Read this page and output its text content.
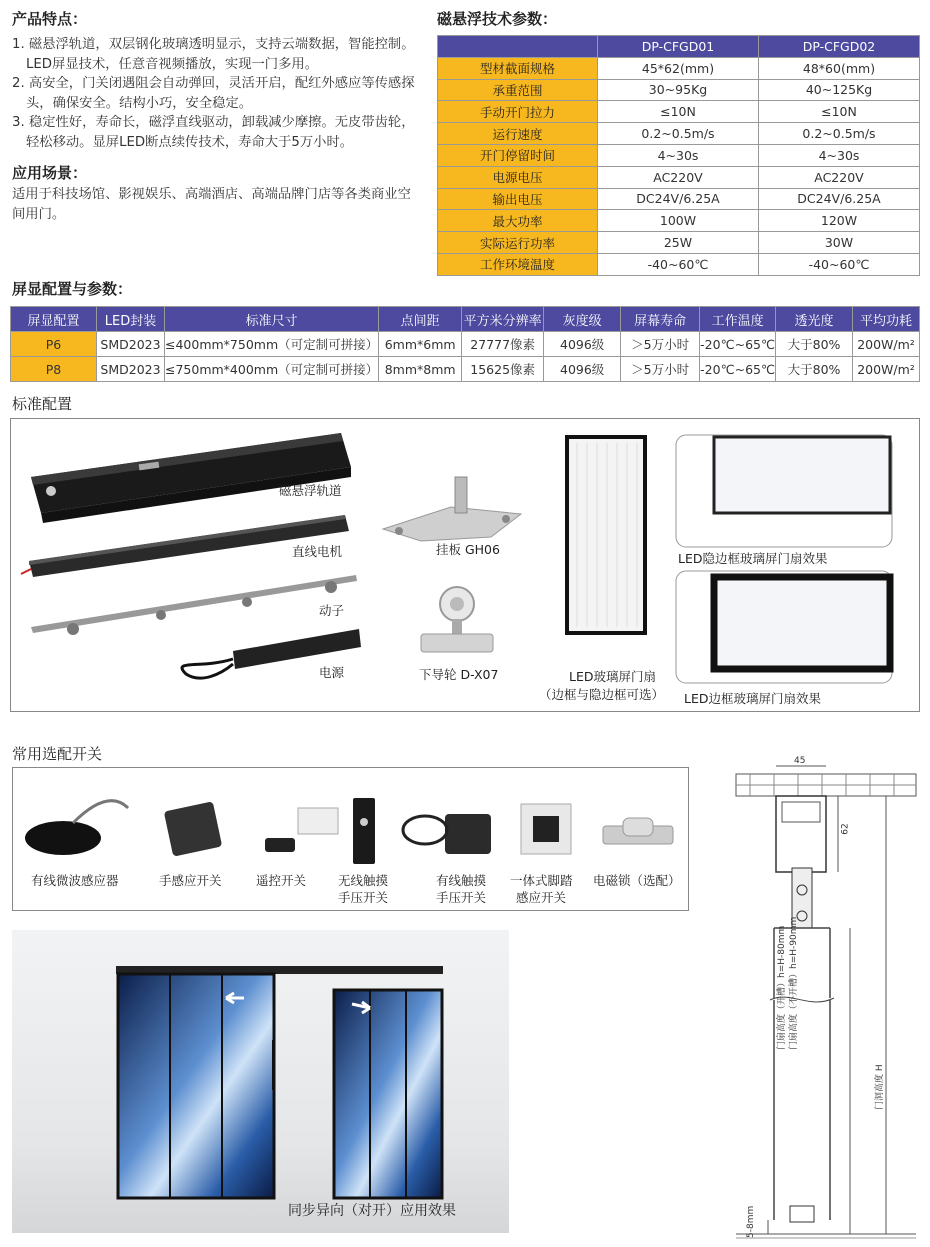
产品特点：
1. 磁悬浮轨道，双层钢化玻璃透明显示，支持云端数据，智能控制。LED屏显技术，任意音视频播放，实现一门多用。
2. 高安全，门关闭遇阻会自动弹回，灵活开启，配红外感应等传感探头，确保安全。结构小巧，安全稳定。
3. 稳定性好，寿命长，磁浮直线驱动，卸载减少摩擦。无皮带齿轮，轻松移动。显屏LED断点续传技术，寿命大于5万小时。
应用场景：

适用于科技场馆、影视娱乐、高端酒店、高端品牌门店等各类商业空间用门。

磁悬浮技术参数：
	DP-CFGD01	DP-CFGD02
型材截面规格	45*62(mm)	48*60(mm)
承重范围	30~95Kg	40~125Kg
手动开门拉力	≤10N	≤10N
运行速度	0.2~0.5m/s	0.2~0.5m/s
开门停留时间	4~30s	4~30s
电源电压	AC220V	AC220V
输出电压	DC24V/6.25A	DC24V/6.25A
最大功率	100W	120W
实际运行功率	25W	30W
工作环境温度	-40~60℃	-40~60℃
屏显配置与参数：
屏显配置	LED封装	标准尺寸	点间距	平方米分辨率	灰度级	屏幕寿命	工作温度	透光度	平均功耗
P6	SMD2023	≤400mm*750mm（可定制可拼接）	6mm*6mm	27777像素	4096级	＞5万小时	-20℃~65℃	大于80%	200W/m²
P8	SMD2023	≤750mm*400mm（可定制可拼接）	8mm*8mm	15625像素	4096级	＞5万小时	-20℃~65℃	大于80%	200W/m²
标准配置
磁悬浮轨道
直线电机
动子
电源
挂板 GH06
下导轮 D-X07	LED玻璃屏门扇
（边框与隐边框可选）
LED隐边框玻璃屏门扇效果
LED边框玻璃屏门扇效果
常用选配开关
有线微波感应器	手感应开关	遥控开关	无线触摸
手压开关
有线触摸
手压开关
一体式脚踏
感应开关
电磁锁（选配）
同步异向（对开）应用效果
45
62
门扇高度（开槽）h=H-80mm 门扇高度（不开槽）h=H-90mm
门洞高度 H
5-8mm
